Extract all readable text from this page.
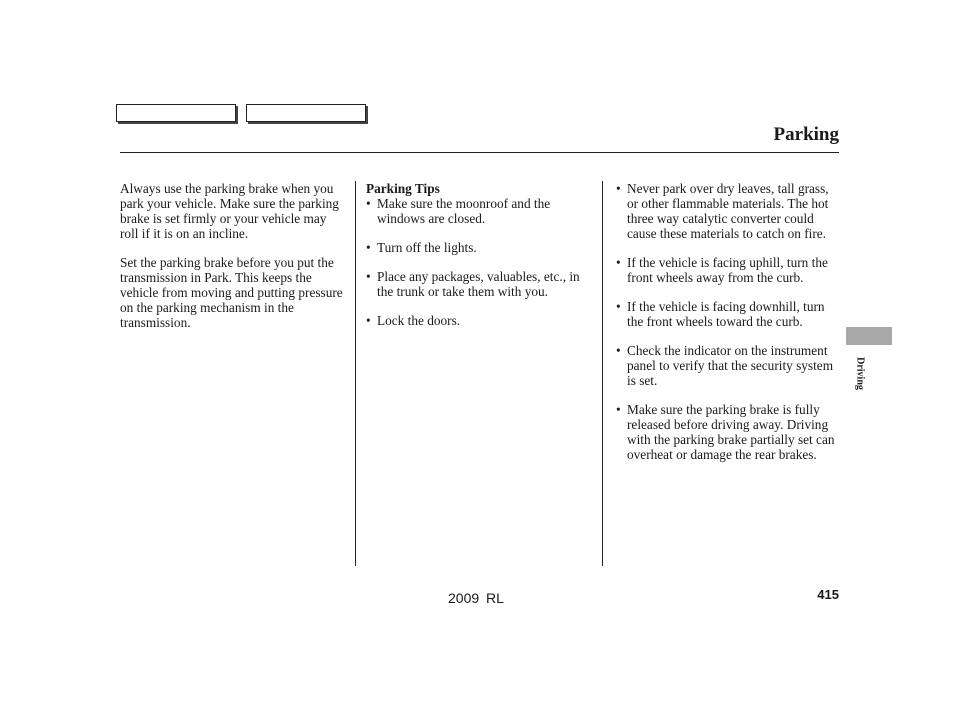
Parking

Always use the parking brake when you park your vehicle. Make sure the parking brake is set firmly or your vehicle may roll if it is on an incline.

Set the parking brake before you put the transmission in Park. This keeps the vehicle from moving and putting pressure on the parking mechanism in the transmission.

Parking Tips
• Make sure the moonroof and the windows are closed.
• Turn off the lights.
• Place any packages, valuables, etc., in the trunk or take them with you.
• Lock the doors.
• Never park over dry leaves, tall grass, or other flammable materials. The hot three way catalytic converter could cause these materials to catch on fire.
• If the vehicle is facing uphill, turn the front wheels away from the curb.
• If the vehicle is facing downhill, turn the front wheels toward the curb.
• Check the indicator on the instrument panel to verify that the security system is set.
• Make sure the parking brake is fully released before driving away. Driving with the parking brake partially set can overheat or damage the rear brakes.
Driving
2009 RL	415
